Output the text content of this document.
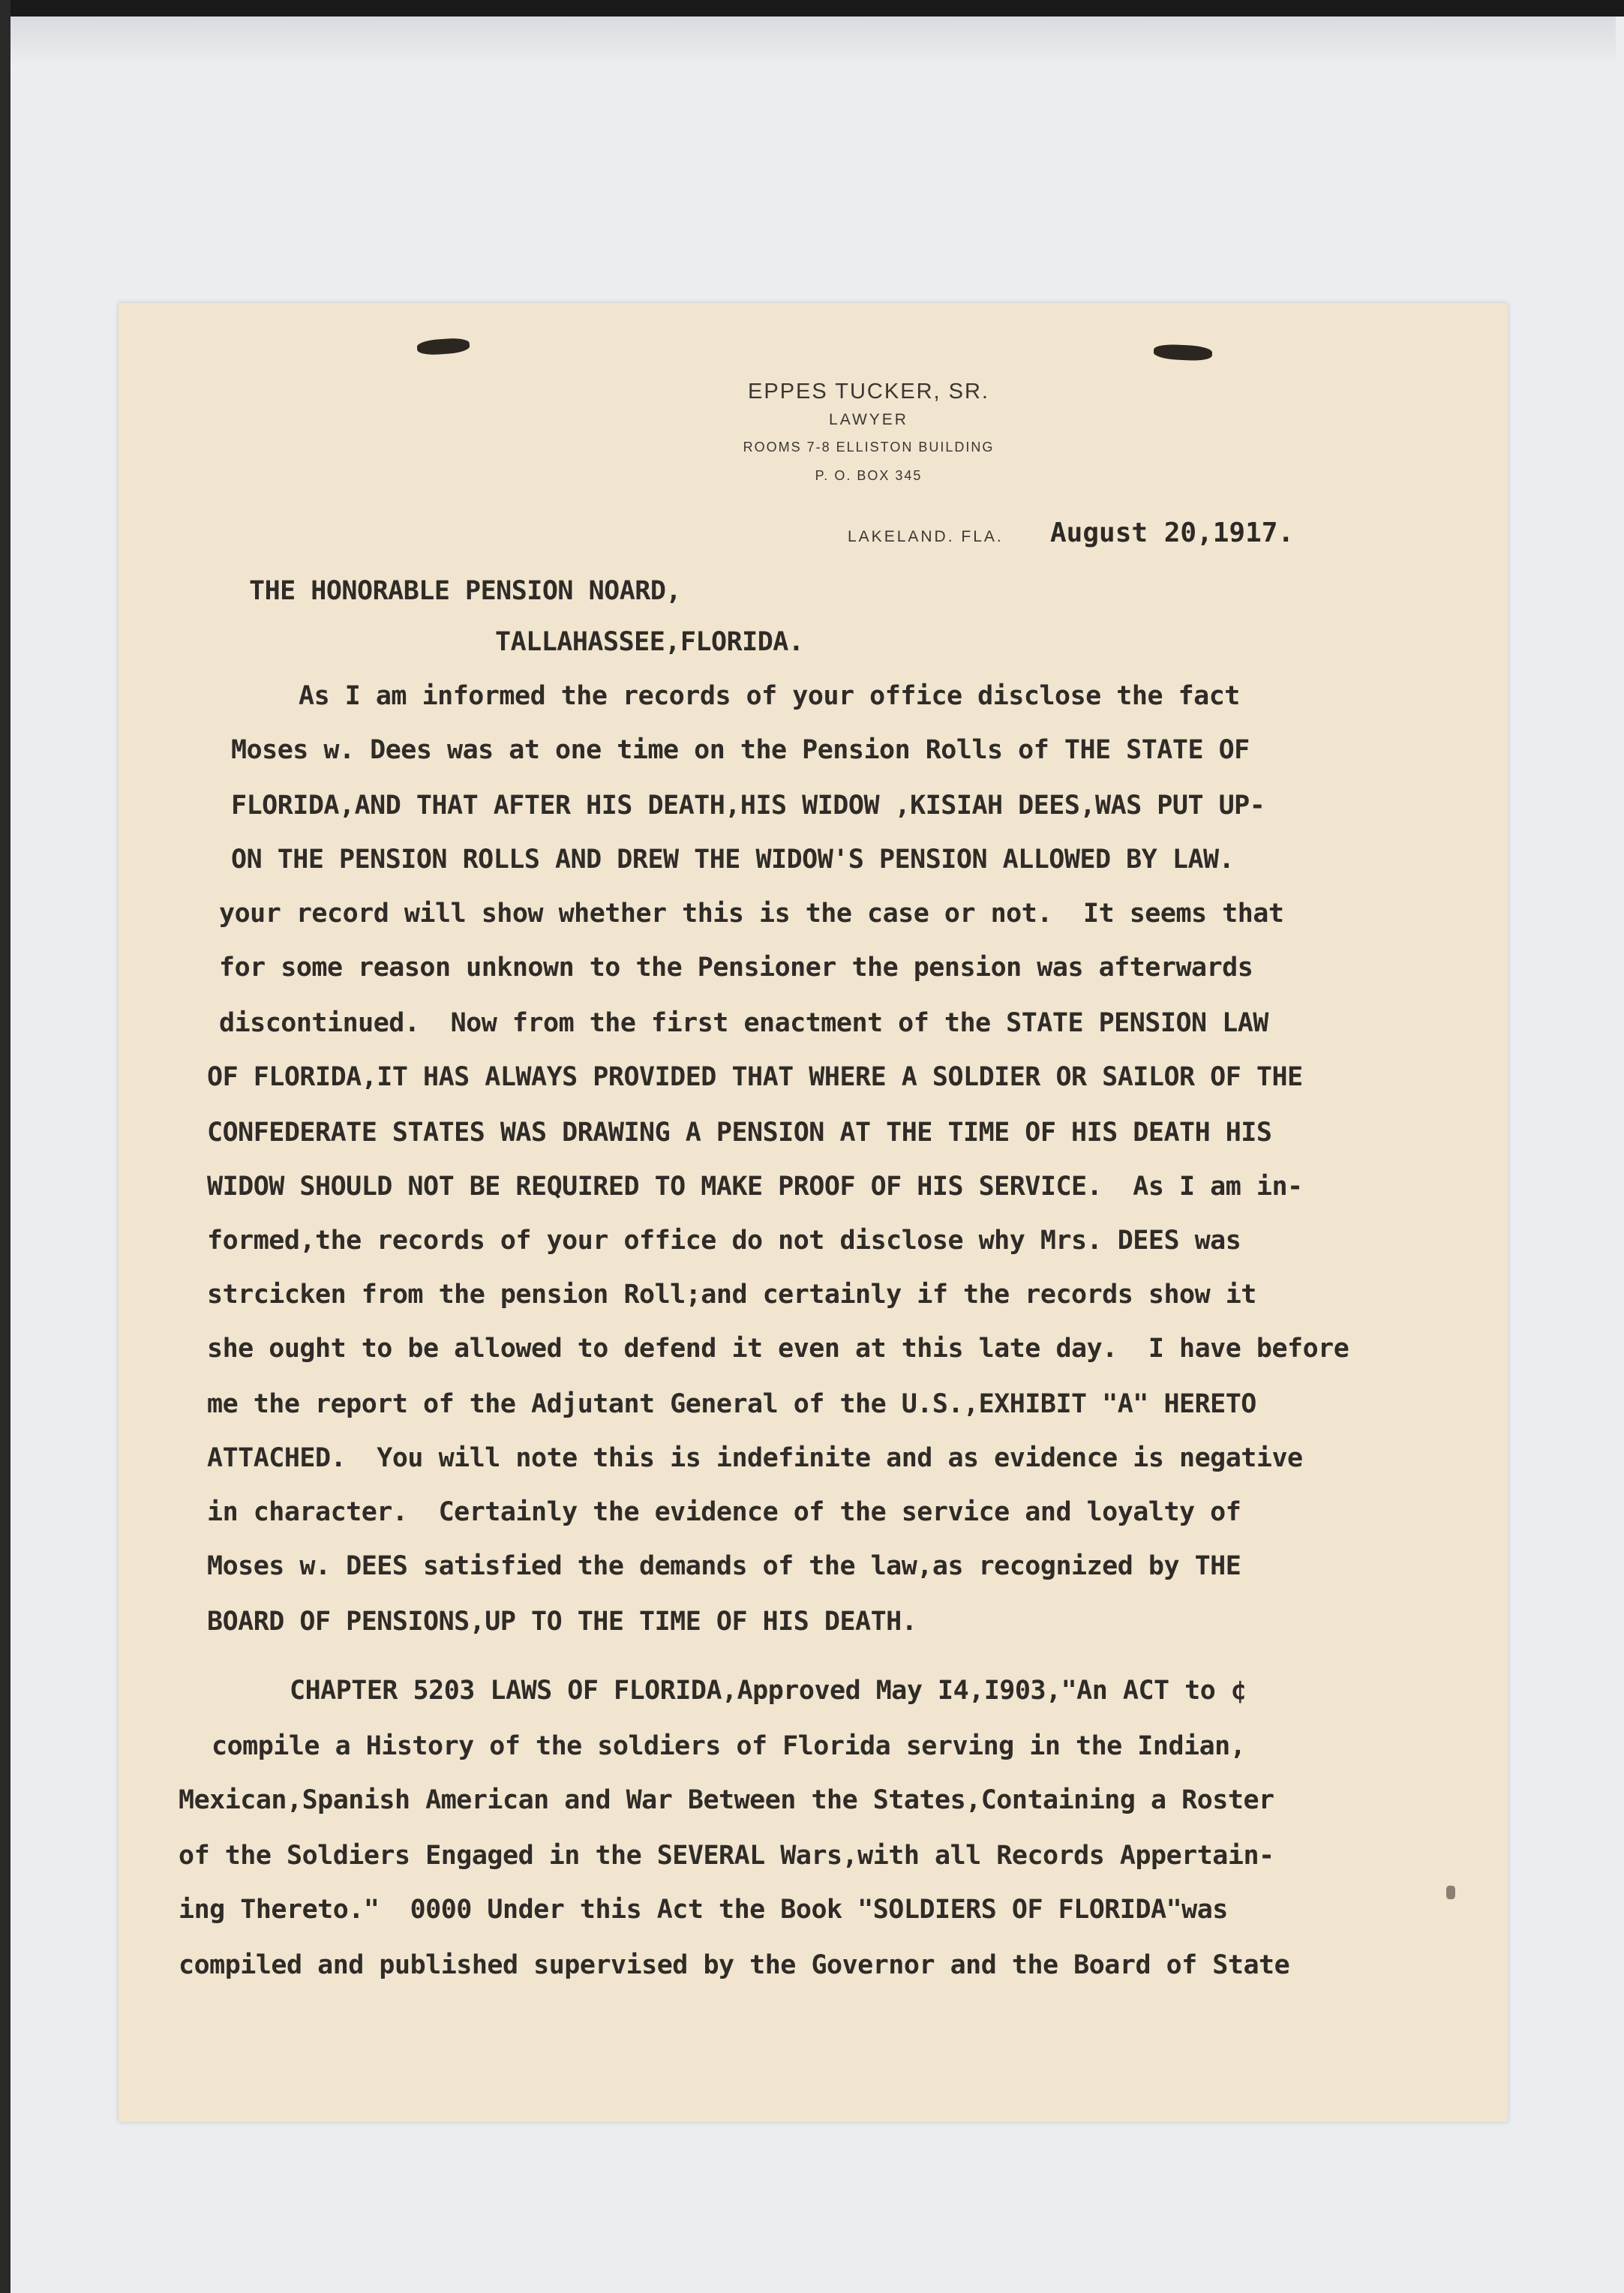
EPPES TUCKER, SR.
LAWYER
ROOMS 7-8 ELLISTON BUILDING
P. O. BOX 345
LAKELAND. FLA. August 20,1917.
THE HONORABLE PENSION NOARD,
TALLAHASSEE,FLORIDA.
As I am informed the records of your office disclose the fact
Moses w. Dees was at one time on the Pension Rolls of THE STATE OF
FLORIDA,AND THAT AFTER HIS DEATH,HIS WIDOW ,KISIAH DEES,WAS PUT UP-
ON THE PENSION ROLLS AND DREW THE WIDOW'S PENSION ALLOWED BY LAW.
your record will show whether this is the case or not.  It seems that
for some reason unknown to the Pensioner the pension was afterwards
discontinued.  Now from the first enactment of the STATE PENSION LAW
OF FLORIDA,IT HAS ALWAYS PROVIDED THAT WHERE A SOLDIER OR SAILOR OF THE
CONFEDERATE STATES WAS DRAWING A PENSION AT THE TIME OF HIS DEATH HIS
WIDOW SHOULD NOT BE REQUIRED TO MAKE PROOF OF HIS SERVICE.  As I am in-
formed,the records of your office do not disclose why Mrs. DEES was
strcicken from the pension Roll;and certainly if the records show it
she ought to be allowed to defend it even at this late day.  I have before
me the report of the Adjutant General of the U.S.,EXHIBIT "A" HERETO
ATTACHED.  You will note this is indefinite and as evidence is negative
in character.  Certainly the evidence of the service and loyalty of
Moses w. DEES satisfied the demands of the law,as recognized by THE
BOARD OF PENSIONS,UP TO THE TIME OF HIS DEATH.
CHAPTER 5203 LAWS OF FLORIDA,Approved May I4,I903,"An ACT to ¢
compile a History of the soldiers of Florida serving in the Indian,
Mexican,Spanish American and War Between the States,Containing a Roster
of the Soldiers Engaged in the SEVERAL Wars,with all Records Appertain-
ing Thereto."  0000 Under this Act the Book "SOLDIERS OF FLORIDA"was
compiled and published supervised by the Governor and the Board of State
